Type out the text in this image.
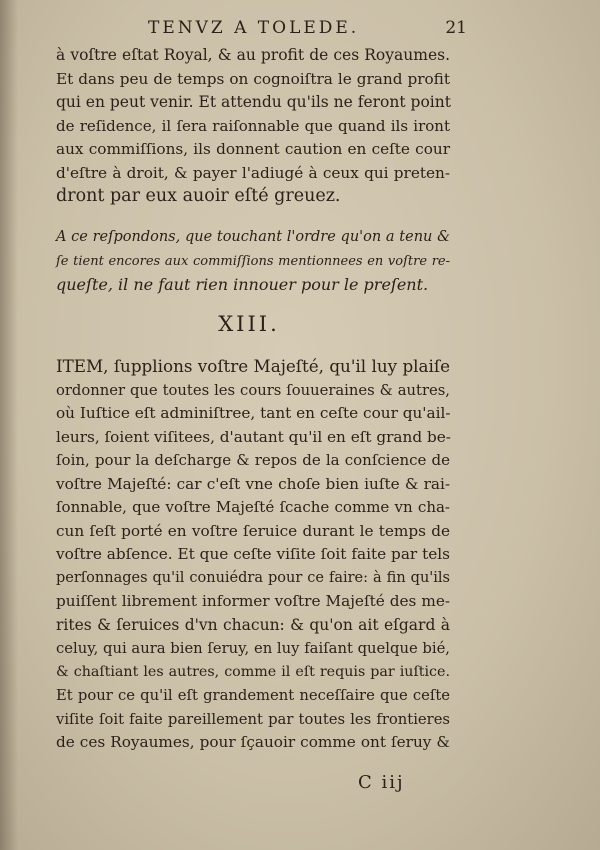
TENVZ A TOLEDE.	21
à voſtre eſtat Royal, & au profit de ces Royaumes.
Et dans peu de temps on cognoiſtra le grand profit
qui en peut venir. Et attendu qu'ils ne feront point
de reſidence, il ſera raiſonnable que quand ils iront
aux commiſſions, ils donnent caution en ceſte cour
d'eſtre à droit, & payer l'adiugé à ceux qui preten-
dront par eux auoir eſté greuez.
A ce reſpondons, que touchant l'ordre qu'on a tenu &
ſe tient encores aux commiſſions mentionnees en voſtre re-
queſte, il ne faut rien innouer pour le preſent.
XIII.
ITEM, ſupplions voſtre Majeſté, qu'il luy plaiſe
ordonner que toutes les cours ſouueraines & autres,
où Iuſtice eſt adminiſtree, tant en ceſte cour qu'ail-
leurs, ſoient viſitees, d'autant qu'il en eſt grand be-
ſoin, pour la deſcharge & repos de la conſcience de
voſtre Majeſté: car c'eſt vne choſe bien iuſte & rai-
ſonnable, que voſtre Majeſté ſcache comme vn cha-
cun ſeſt porté en voſtre ſeruice durant le temps de
voſtre abſence. Et que ceſte viſite ſoit faite par tels
perſonnages qu'il conuiédra pour ce faire: à fin qu'ils
puiſſent librement informer voſtre Majeſté des me-
rites & ſeruices d'vn chacun: & qu'on ait eſgard à
celuy, qui aura bien ſeruy, en luy faiſant quelque bié,
& chaſtiant les autres, comme il eſt requis par iuſtice.
Et pour ce qu'il eſt grandement neceſſaire que ceſte
viſite ſoit faite pareillement par toutes les frontieres
de ces Royaumes, pour ſçauoir comme ont ſeruy &
C iij
